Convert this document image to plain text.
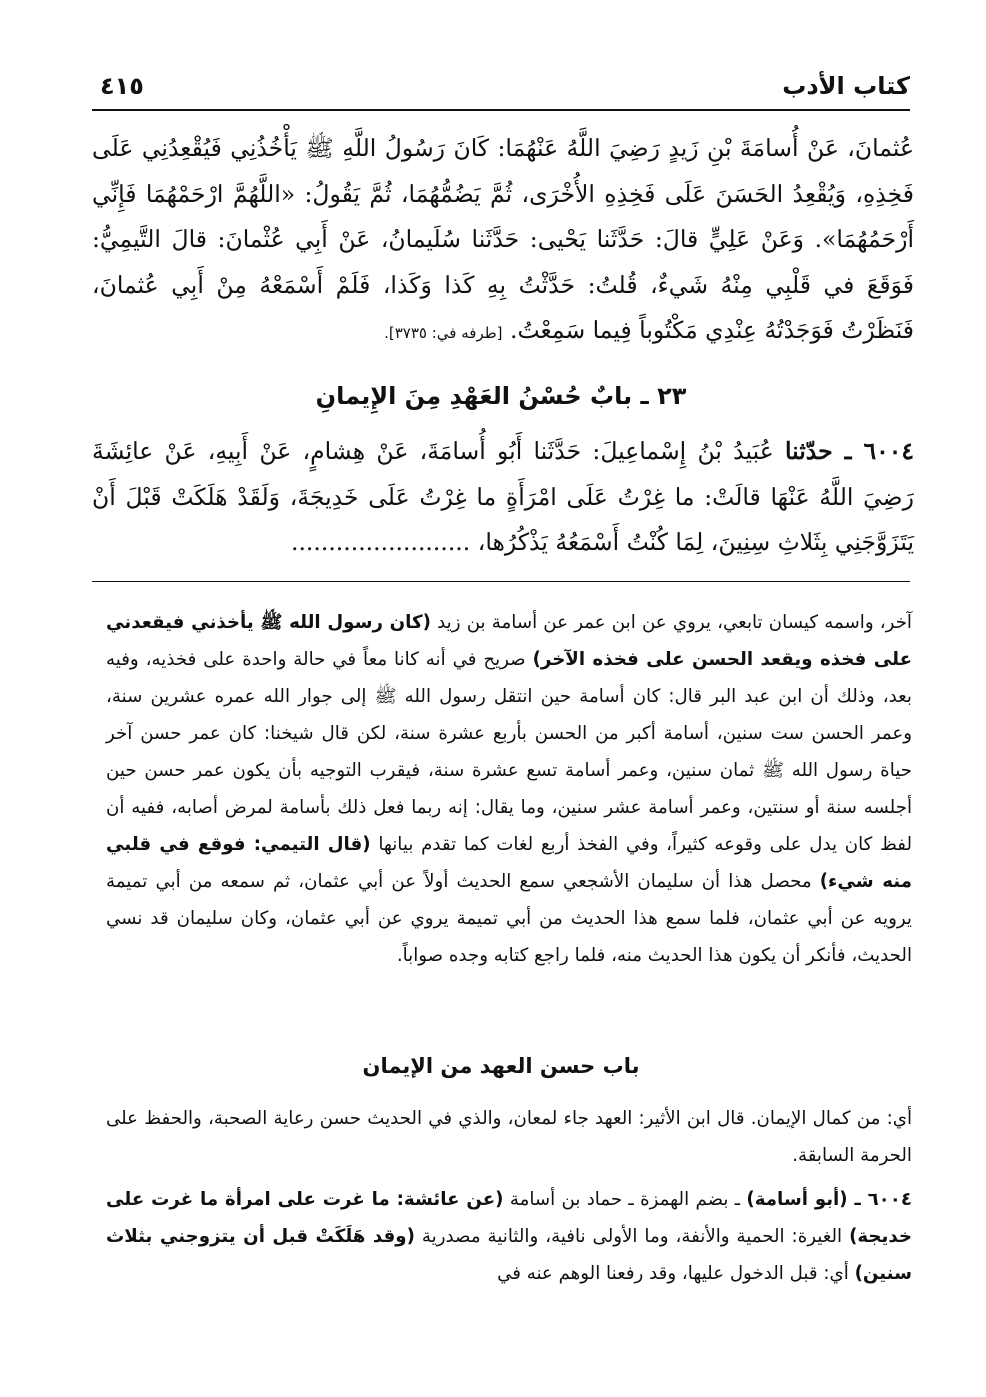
كتاب الأدب
٤١٥
عُثمانَ، عَنْ أُسامَةَ بْنِ زَيدٍ رَضِيَ اللَّهُ عَنْهُمَا: كَانَ رَسُولُ اللَّهِ ﷺ يَأْخُذُنِي فَيُقْعِدُنِي عَلَى فَخِذِهِ، وَيُقْعِدُ الحَسَنَ عَلَى فَخِذِهِ الأُخْرَى، ثُمَّ يَضُمُّهُمَا، ثُمَّ يَقُولُ: «اللَّهُمَّ ارْحَمْهُمَا فَإِنِّي أَرْحَمُهُمَا». وَعَنْ عَلِيٍّ قالَ: حَدَّثَنا يَحْيى: حَدَّثَنا سُلَيمانُ، عَنْ أَبِي عُثْمانَ: قالَ التَّيمِيُّ: فَوَقَعَ في قَلْبِي مِنْهُ شَيءٌ، قُلتُ: حَدَّثْتُ بِهِ كَذا وَكَذا، فَلَمْ أَسْمَعْهُ مِنْ أَبِي عُثمانَ، فَنَظَرْتُ فَوَجَدْتُهُ عِنْدِي مَكْتُوباً فِيما سَمِعْتُ. [طرفه في: ٣٧٣٥].
٢٣ ـ بابٌ حُسْنُ العَهْدِ مِنَ الإِيمانِ
٦٠٠٤ ـ حدّثنا عُبَيدُ بْنُ إِسْماعِيلَ: حَدَّثَنا أَبُو أُسامَةَ، عَنْ هِشامٍ، عَنْ أَبِيهِ، عَنْ عائِشَةَ رَضِيَ اللَّهُ عَنْهَا قالَتْ: ما غِرْتُ عَلَى امْرَأَةٍ ما غِرْتُ عَلَى خَدِيجَةَ، وَلَقَدْ هَلَكَتْ قَبْلَ أَنْ يَتَزَوَّجَنِي بِثَلاثِ سِنِينَ، لِمَا كُنْتُ أَسْمَعُهُ يَذْكُرُها، ........................
آخر، واسمه كيسان تابعي، يروي عن ابن عمر عن أسامة بن زيد (كان رسول الله ﷺ يأخذني فيقعدني على فخذه ويقعد الحسن على فخذه الآخر) صريح في أنه كانا معاً في حالة واحدة على فخذيه، وفيه بعد، وذلك أن ابن عبد البر قال: كان أسامة حين انتقل رسول الله ﷺ إلى جوار الله عمره عشرين سنة، وعمر الحسن ست سنين، أسامة أكبر من الحسن بأربع عشرة سنة، لكن قال شيخنا: كان عمر حسن آخر حياة رسول الله ﷺ ثمان سنين، وعمر أسامة تسع عشرة سنة، فيقرب التوجيه بأن يكون عمر حسن حين أجلسه سنة أو سنتين، وعمر أسامة عشر سنين، وما يقال: إنه ربما فعل ذلك بأسامة لمرض أصابه، ففيه أن لفظ كان يدل على وقوعه كثيراً، وفي الفخذ أربع لغات كما تقدم بيانها (قال التيمي: فوقع في قلبي منه شيء) محصل هذا أن سليمان الأشجعي سمع الحديث أولاً عن أبي عثمان، ثم سمعه من أبي تميمة يرويه عن أبي عثمان، فلما سمع هذا الحديث من أبي تميمة يروي عن أبي عثمان، وكان سليمان قد نسي الحديث، فأنكر أن يكون هذا الحديث منه، فلما راجع كتابه وجده صواباً.
باب حسن العهد من الإيمان
أي: من كمال الإيمان. قال ابن الأثير: العهد جاء لمعان، والذي في الحديث حسن رعاية الصحبة، والحفظ على الحرمة السابقة.
٦٠٠٤ ـ (أبو أسامة) ـ بضم الهمزة ـ حماد بن أسامة (عن عائشة: ما غرت على امرأة ما غرت على خديجة) الغيرة: الحمية والأنفة، وما الأولى نافية، والثانية مصدرية (وقد هَلَكَتْ قبل أن يتزوجني بثلاث سنين) أي: قبل الدخول عليها، وقد رفعنا الوهم عنه في
